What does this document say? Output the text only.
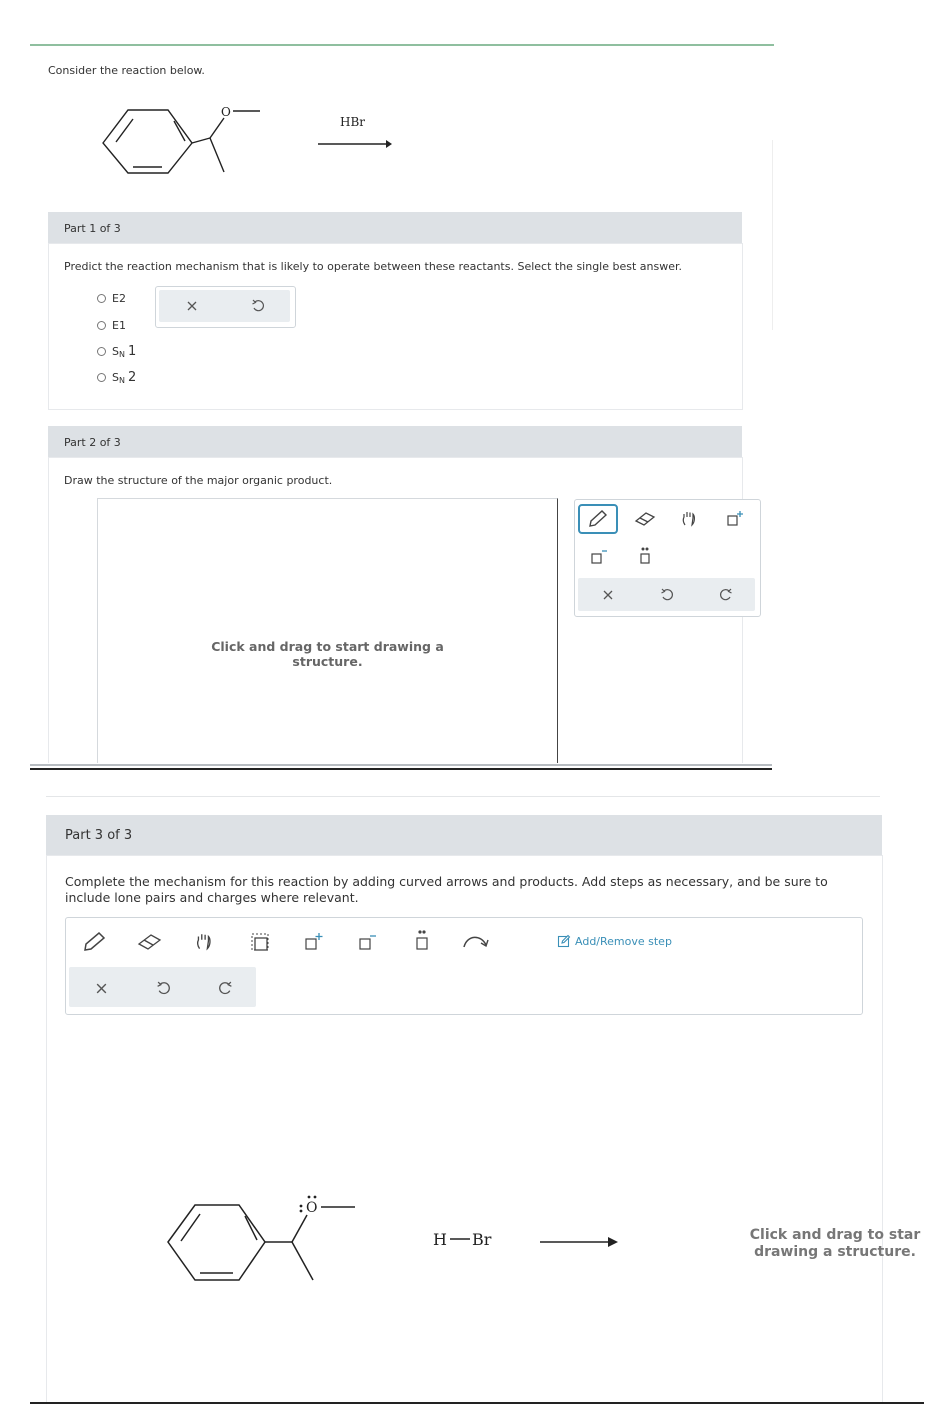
Consider the reaction below.
O
HBr
Part 1 of 3
Predict the reaction mechanism that is likely to operate between these reactants. Select the single best answer.
E2
E1
S N 1
S N 2
Part 2 of 3
Draw the structure of the major organic product.
Click and drag to start drawing a structure.
Part 3 of 3
Complete the mechanism for this reaction by adding curved arrows and products. Add steps as necessary, and be sure to include lone pairs and charges where relevant.
Add/Remove step
O
H Br	Click and drag to star
drawing a structure.
